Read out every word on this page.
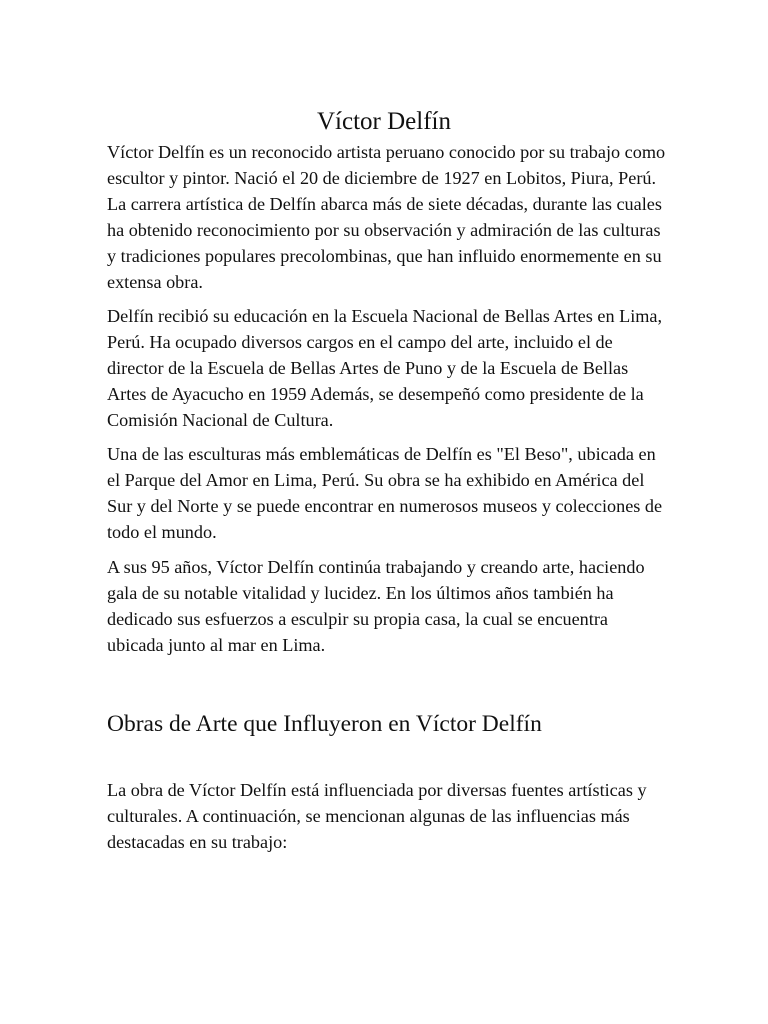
Víctor Delfín

Víctor Delfín es un reconocido artista peruano conocido por su trabajo como escultor y pintor. Nació el 20 de diciembre de 1927 en Lobitos, Piura, Perú. La carrera artística de Delfín abarca más de siete décadas, durante las cuales ha obtenido reconocimiento por su observación y admiración de las culturas y tradiciones populares precolombinas, que han influido enormemente en su extensa obra.

Delfín recibió su educación en la Escuela Nacional de Bellas Artes en Lima, Perú. Ha ocupado diversos cargos en el campo del arte, incluido el de director de la Escuela de Bellas Artes de Puno y de la Escuela de Bellas Artes de Ayacucho en 1959 Además, se desempeñó como presidente de la Comisión Nacional de Cultura.

Una de las esculturas más emblemáticas de Delfín es "El Beso", ubicada en el Parque del Amor en Lima, Perú. Su obra se ha exhibido en América del Sur y del Norte y se puede encontrar en numerosos museos y colecciones de todo el mundo.

A sus 95 años, Víctor Delfín continúa trabajando y creando arte, haciendo gala de su notable vitalidad y lucidez. En los últimos años también ha dedicado sus esfuerzos a esculpir su propia casa, la cual se encuentra ubicada junto al mar en Lima.

Obras de Arte que Influyeron en Víctor Delfín

La obra de Víctor Delfín está influenciada por diversas fuentes artísticas y culturales. A continuación, se mencionan algunas de las influencias más destacadas en su trabajo:
